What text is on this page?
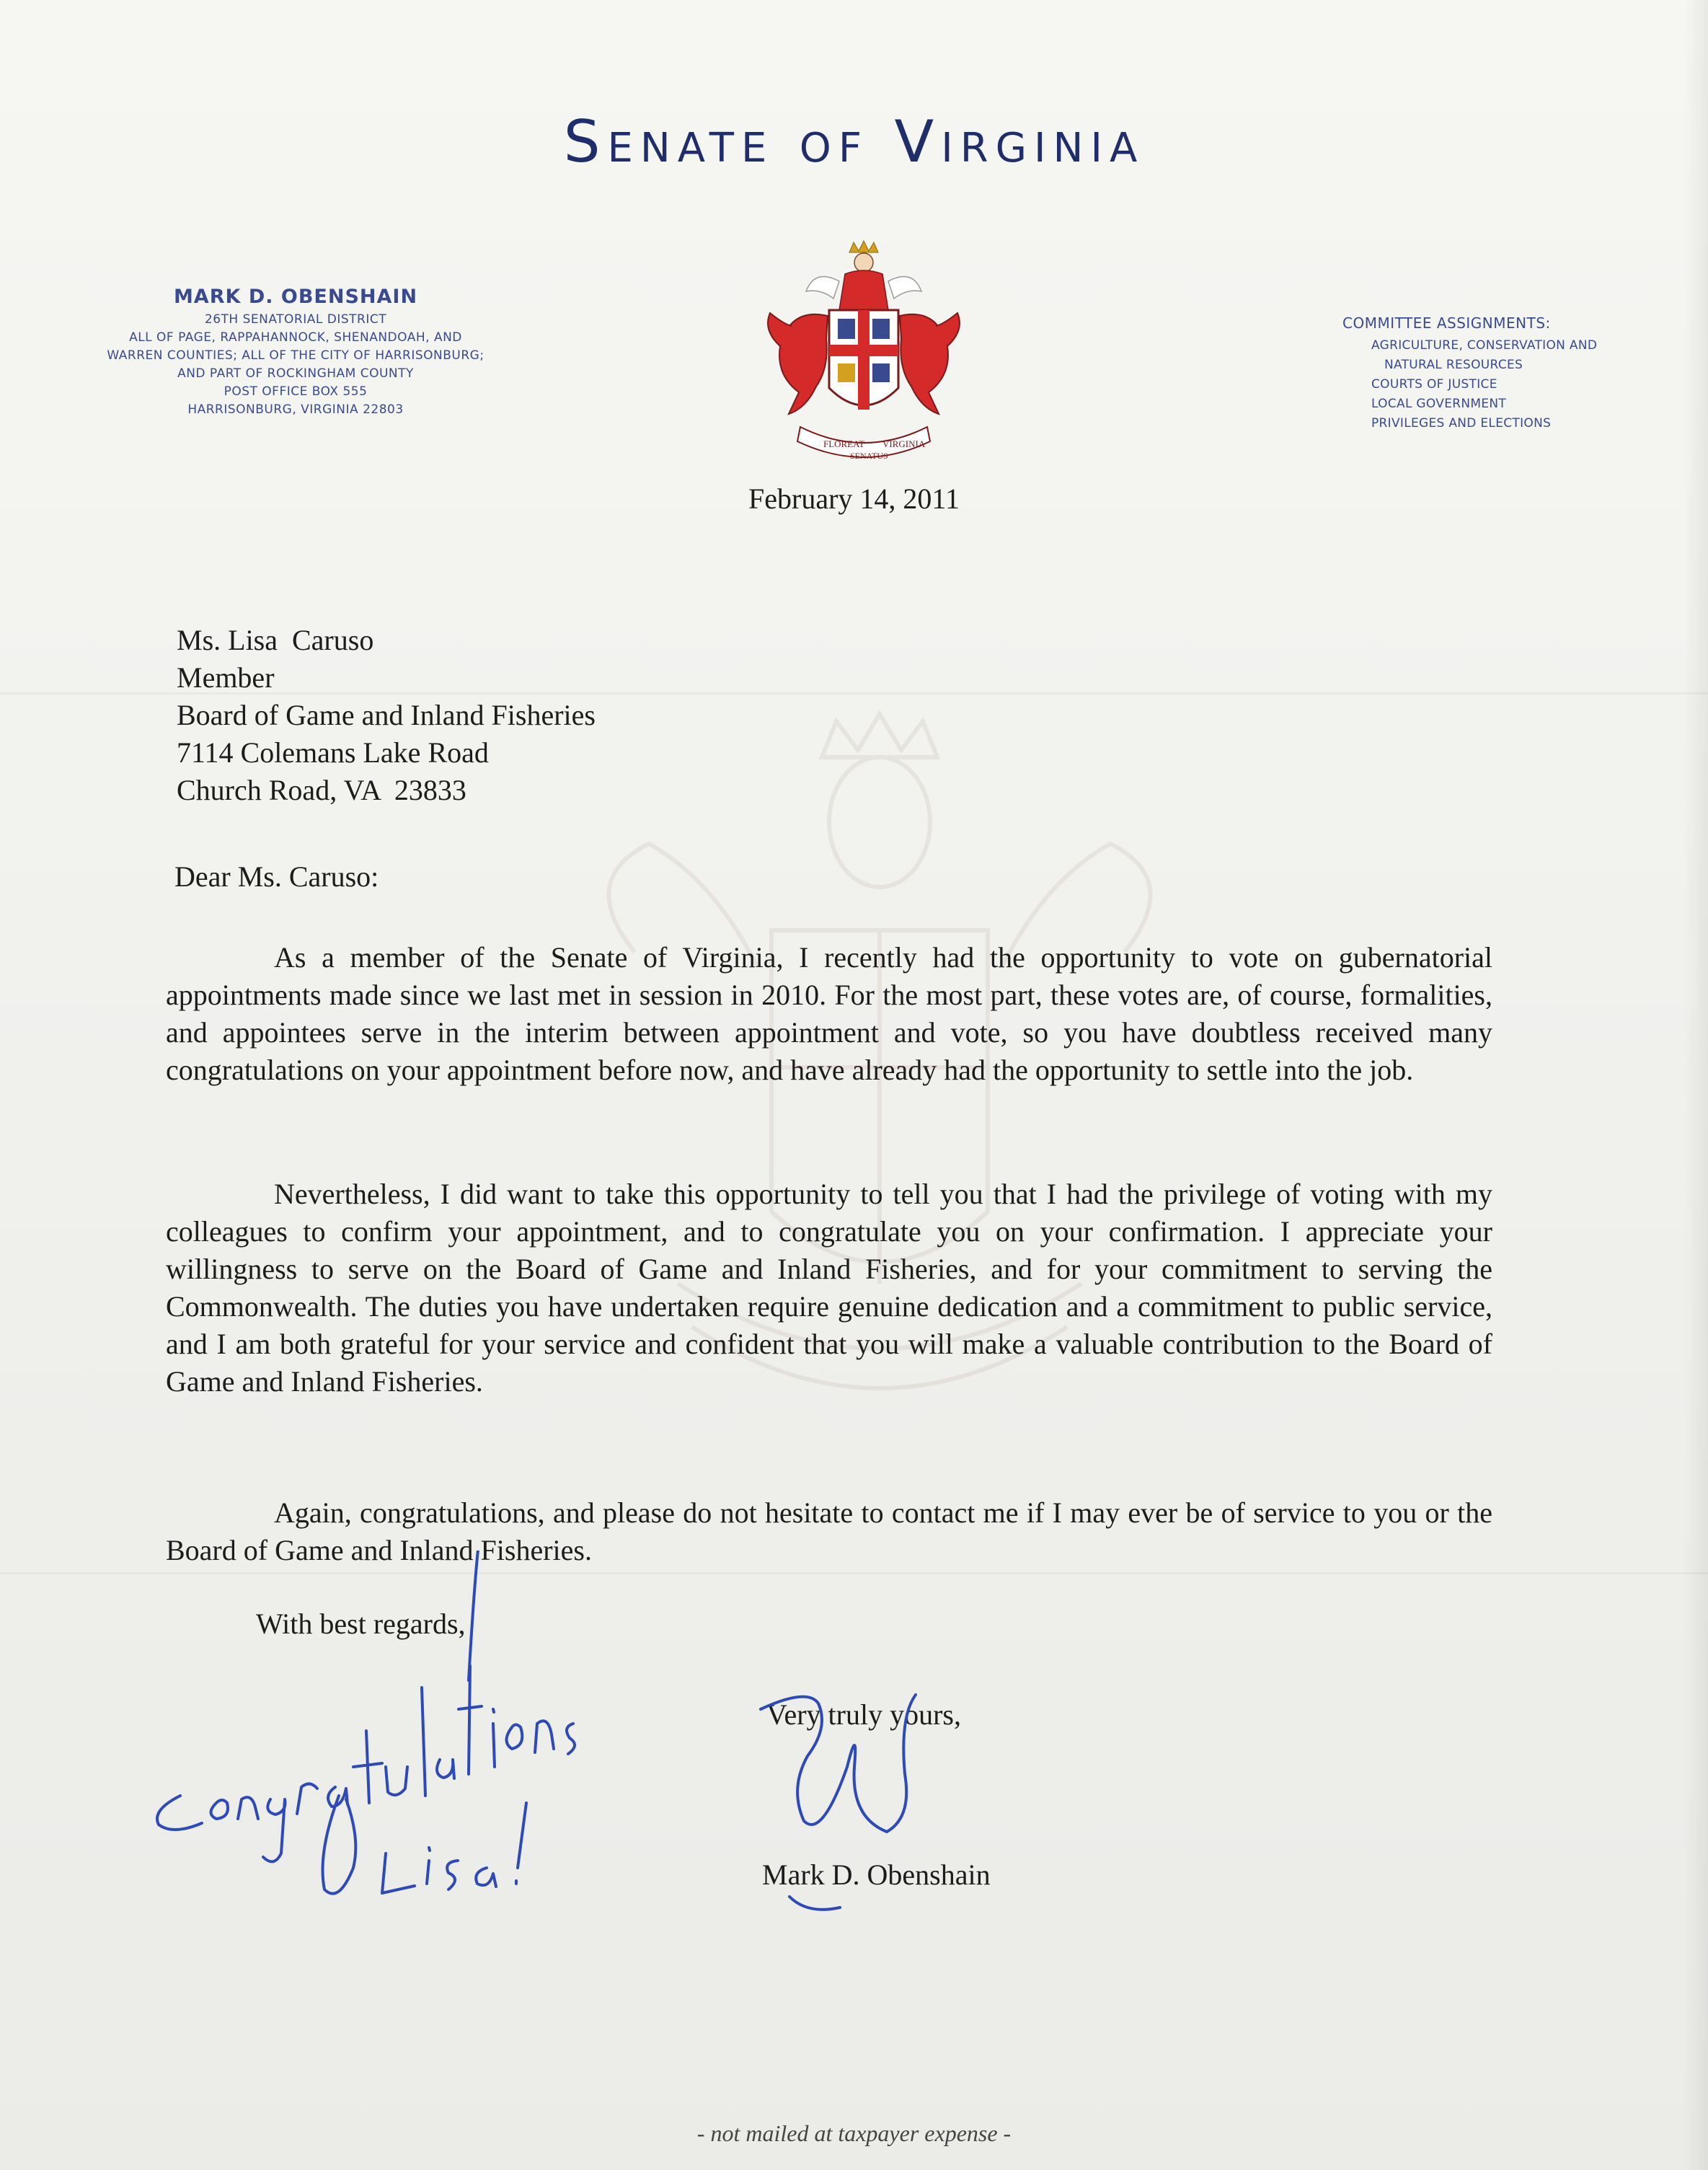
Senate of Virginia
MARK D. OBENSHAIN
26TH SENATORIAL DISTRICT
ALL OF PAGE, RAPPAHANNOCK, SHENANDOAH, AND
WARREN COUNTIES; ALL OF THE CITY OF HARRISONBURG;
AND PART OF ROCKINGHAM COUNTY
POST OFFICE BOX 555
HARRISONBURG, VIRGINIA 22803
FLOREAT
SENATUS
VIRGINIA
COMMITTEE ASSIGNMENTS:
AGRICULTURE, CONSERVATION AND
NATURAL RESOURCES
COURTS OF JUSTICE
LOCAL GOVERNMENT
PRIVILEGES AND ELECTIONS
February 14, 2011
Ms. Lisa  Caruso
Member
Board of Game and Inland Fisheries
7114 Colemans Lake Road
Church Road, VA  23833
Dear Ms. Caruso:
As a member of the Senate of Virginia, I recently had the opportunity to vote on gubernatorial appointments made since we last met in session in 2010. For the most part, these votes are, of course, formalities, and appointees serve in the interim between appointment and vote, so you have doubtless received many congratulations on your appointment before now, and have already had the opportunity to settle into the job.
Nevertheless, I did want to take this opportunity to tell you that I had the privilege of voting with my colleagues to confirm your appointment, and to congratulate you on your confirmation. I appreciate your willingness to serve on the Board of Game and Inland Fisheries, and for your commitment to serving the Commonwealth. The duties you have undertaken require genuine dedication and a commitment to public service, and I am both grateful for your service and confident that you will make a valuable contribution to the Board of Game and Inland Fisheries.
Again, congratulations, and please do not hesitate to contact me if I may ever be of service to you or the Board of Game and Inland Fisheries.
With best regards,
Very truly yours,
Mark D. Obenshain
- not mailed at taxpayer expense -
